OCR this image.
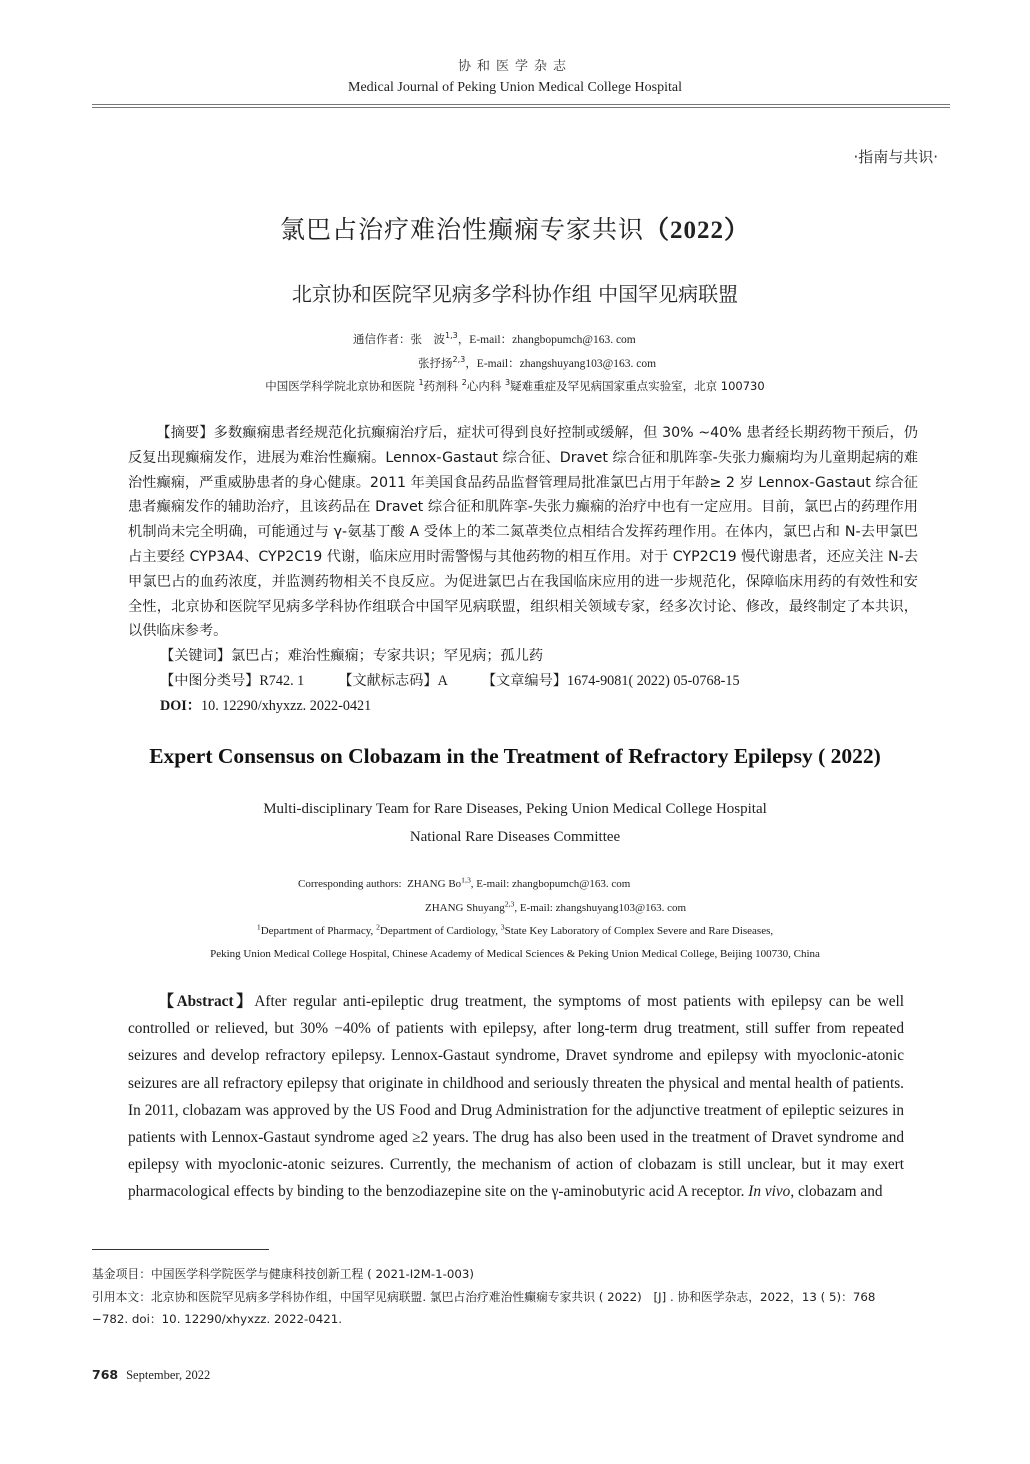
协和医学杂志
Medical Journal of Peking Union Medical College Hospital
·指南与共识·
氯巴占治疗难治性癫痫专家共识（2022）
北京协和医院罕见病多学科协作组 中国罕见病联盟
通信作者：张　波$^{1,3}$，E-mail：zhangbopumch@163. com
张抒扬$^{2,3}$，E-mail：zhangshuyang103@163. com
中国医学科学院北京协和医院 $^1$药剂科 $^2$心内科 $^3$疑难重症及罕见病国家重点实验室，北京 100730
【摘要】多数癫痫患者经规范化抗癫痫治疗后，症状可得到良好控制或缓解，但 30% ~40% 患者经长期药物干预后，仍反复出现癫痫发作，进展为难治性癫痫。Lennox-Gastaut 综合征、Dravet 综合征和肌阵挛-失张力癫痫均为儿童期起病的难治性癫痫，严重威胁患者的身心健康。2011 年美国食品药品监督管理局批准氯巴占用于年龄≥ 2 岁 Lennox-Gastaut 综合征患者癫痫发作的辅助治疗，且该药品在 Dravet 综合征和肌阵挛-失张力癫痫的治疗中也有一定应用。目前，氯巴占的药理作用机制尚未完全明确，可能通过与 γ-氨基丁酸 A 受体上的苯二氮䓬类位点相结合发挥药理作用。在体内，氯巴占和 N-去甲氯巴占主要经 CYP3A4、CYP2C19 代谢，临床应用时需警惕与其他药物的相互作用。对于 CYP2C19 慢代谢患者，还应关注 N-去甲氯巴占的血药浓度，并监测药物相关不良反应。为促进氯巴占在我国临床应用的进一步规范化，保障临床用药的有效性和安全性，北京协和医院罕见病多学科协作组联合中国罕见病联盟，组织相关领域专家，经多次讨论、修改，最终制定了本共识，以供临床参考。
【关键词】氯巴占；难治性癫痫；专家共识；罕见病；孤儿药
【中图分类号】R742. 1 【文献标志码】A 【文章编号】1674-9081( 2022) 05-0768-15
DOI：10. 12290/xhyxzz. 2022-0421
Expert Consensus on Clobazam in the Treatment of Refractory Epilepsy ( 2022)
Multi-disciplinary Team for Rare Diseases, Peking Union Medical College Hospital
National Rare Diseases Committee
Corresponding authors: ZHANG Bo$^{1,3}$, E-mail: zhangbopumch@163. com
ZHANG Shuyang$^{2,3}$, E-mail: zhangshuyang103@163. com
$^1$Department of Pharmacy, $^2$Department of Cardiology, $^3$State Key Laboratory of Complex Severe and Rare Diseases,
Peking Union Medical College Hospital, Chinese Academy of Medical Sciences & Peking Union Medical College, Beijing 100730, China
【Abstract】After regular anti-epileptic drug treatment, the symptoms of most patients with epilepsy can be well controlled or relieved, but 30% −40% of patients with epilepsy, after long-term drug treatment, still suffer from repeated seizures and develop refractory epilepsy. Lennox-Gastaut syndrome, Dravet syndrome and epilepsy with myoclonic-atonic seizures are all refractory epilepsy that originate in childhood and seriously threaten the physical and mental health of patients. In 2011, clobazam was approved by the US Food and Drug Administration for the adjunctive treatment of epileptic seizures in patients with Lennox-Gastaut syndrome aged ≥2 years. The drug has also been used in the treatment of Dravet syndrome and epilepsy with myoclonic-atonic seizures. Currently, the mechanism of action of clobazam is still unclear, but it may exert pharmacological effects by binding to the benzodiazepine site on the γ-aminobutyric acid A receptor. In vivo, clobazam and
基金项目：中国医学科学院医学与健康科技创新工程 ( 2021-I2M-1-003)
引用本文：北京协和医院罕见病多学科协作组，中国罕见病联盟. 氯巴占治疗难治性癫痫专家共识 ( 2022)　[J] . 协和医学杂志，2022，13 ( 5)：768 −782. doi：10. 12290/xhyxzz. 2022-0421.
768 September, 2022
